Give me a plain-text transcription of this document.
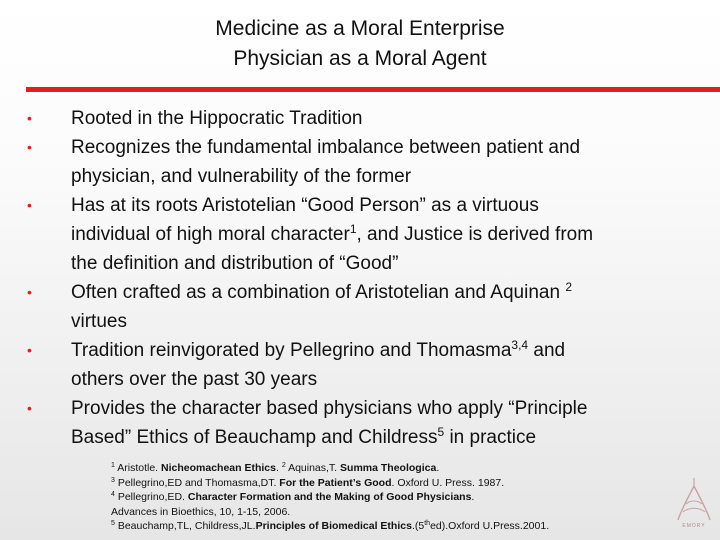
Medicine as a Moral Enterprise
Physician as a Moral Agent
• Rooted in the Hippocratic Tradition
• Recognizes the fundamental imbalance between patient and
physician, and vulnerability of the former
• Has at its roots Aristotelian “Good Person” as a virtuous
individual of high moral character$^1$, and Justice is derived from
the definition and distribution of “Good”
• Often crafted as a combination of Aristotelian and Aquinan $^2$
virtues
• Tradition reinvigorated by Pellegrino and Thomasma$^{3,4}$ and
others over the past 30 years
• Provides the character based physicians who apply “Principle
Based” Ethics of Beauchamp and Childress$^5$ in practice
$^1$ Aristotle. Nicheomachean Ethics. $^2$ Aquinas,T. Summa Theologica.
$^3$ Pellegrino,ED and Thomasma,DT. For the Patient’s Good. Oxford U. Press. 1987.
$^4$ Pellegrino,ED. Character Formation and the Making of Good Physicians.
Advances in Bioethics, 10, 1-15, 2006.
$^5$ Beauchamp,TL, Childress,JL.Principles of Biomedical Ethics.(5thed).Oxford U.Press.2001.	EMORY
